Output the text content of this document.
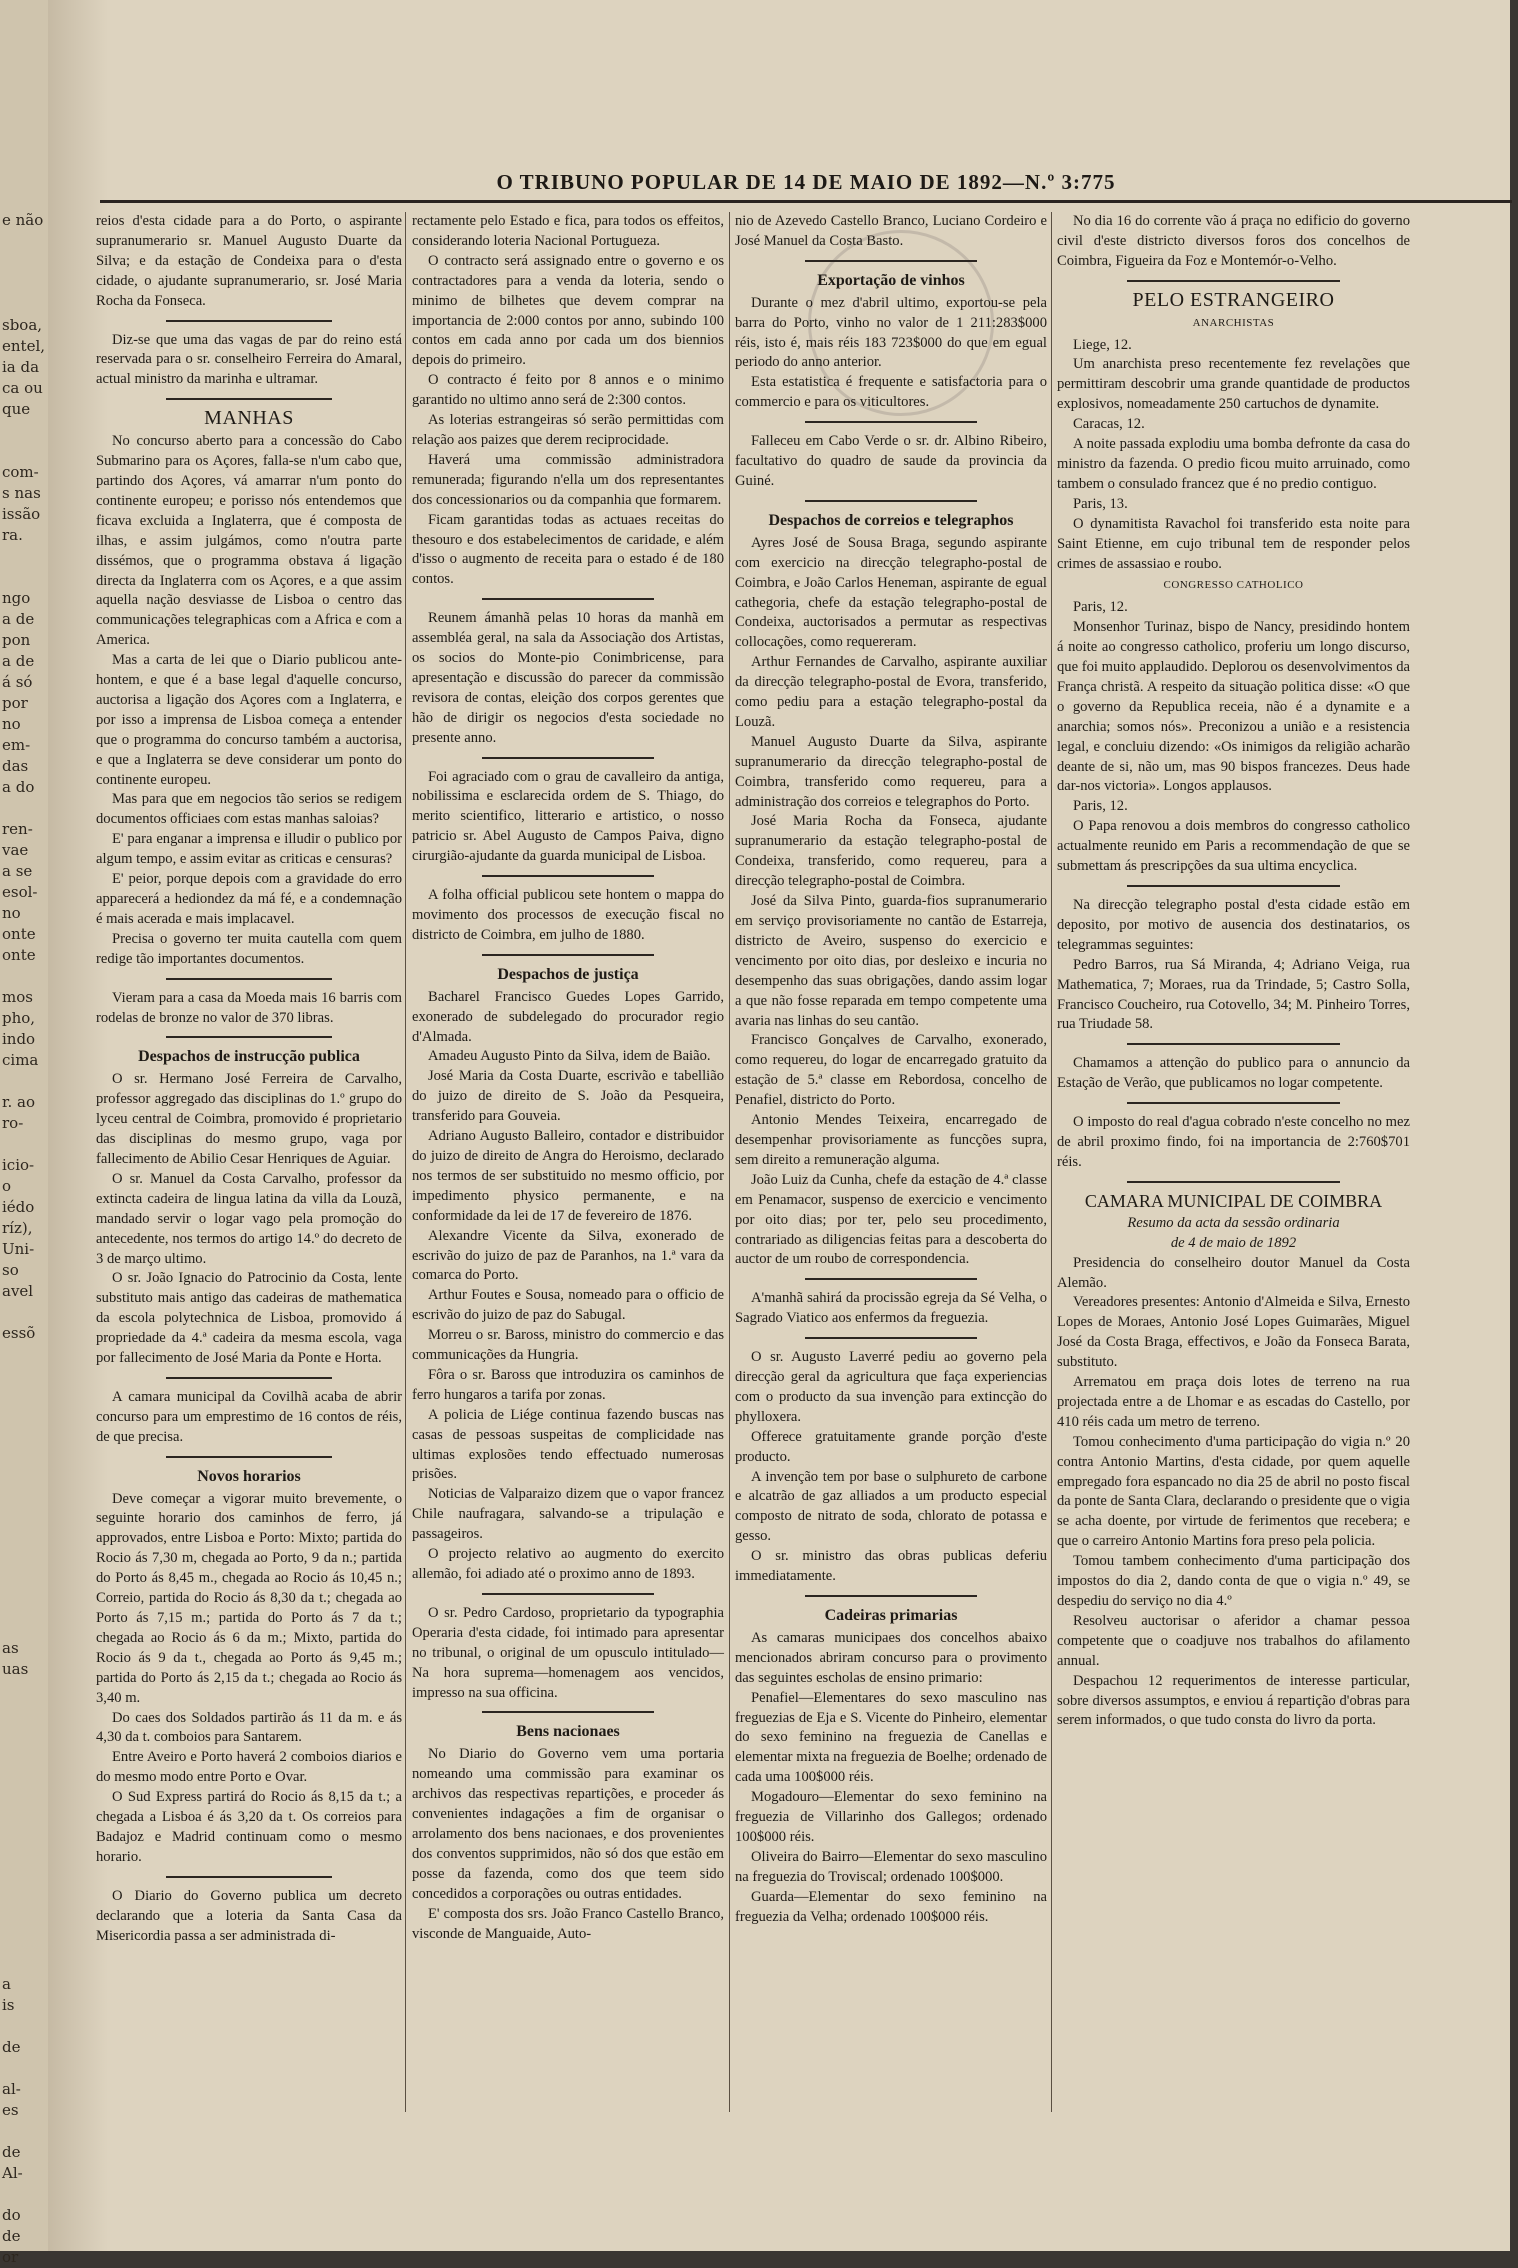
e não

sboa,
entel,
ia da
ca ou
que

com-
s nas
issão
ra.

ngo
a de
pon
a de
á só
por
no
em-
das
a do

ren-
vae
a se
esol-
no
onte
onte

mos
pho,
indo
cima

r. ao
ro-

icio-
o
iédo
ríz),
Uni-
so
avel

essõ

as
uas

a
is

de

al-
es

de
Al-

do
de
or
O TRIBUNO POPULAR DE 14 DE MAIO DE 1892—N.º 3:775

reios d'esta cidade para a do Porto, o aspirante supranumerario sr. Manuel Augusto Duarte da Silva; e da estação de Condeixa para o d'esta cidade, o ajudante supranumerario, sr. José Maria Rocha da Fonseca.

Diz-se que uma das vagas de par do reino está reservada para o sr. conselheiro Ferreira do Amaral, actual ministro da marinha e ultramar.

MANHAS

No concurso aberto para a concessão do Cabo Submarino para os Açores, falla-se n'um cabo que, partindo dos Açores, vá amarrar n'um ponto do continente europeu; e porisso nós entendemos que ficava excluida a Inglaterra, que é composta de ilhas, e assim julgámos, como n'outra parte dissémos, que o programma obstava á ligação directa da Inglaterra com os Açores, e a que assim aquella nação desviasse de Lisboa o centro das communicações telegraphicas com a Africa e com a America.

Mas a carta de lei que o Diario publicou ante-hontem, e que é a base legal d'aquelle concurso, auctorisa a ligação dos Açores com a Inglaterra, e por isso a imprensa de Lisboa começa a entender que o programma do concurso também a auctorisa, e que a Inglaterra se deve considerar um ponto do continente europeu.

Mas para que em negocios tão serios se redigem documentos officiaes com estas manhas saloias?

E' para enganar a imprensa e illudir o publico por algum tempo, e assim evitar as criticas e censuras?

E' peior, porque depois com a gravidade do erro apparecerá a hediondez da má fé, e a condemnação é mais acerada e mais implacavel.

Precisa o governo ter muita cautella com quem redige tão importantes documentos.

Vieram para a casa da Moeda mais 16 barris com rodelas de bronze no valor de 370 libras.

Despachos de instrucção publica

O sr. Hermano José Ferreira de Carvalho, professor aggregado das disciplinas do 1.º grupo do lyceu central de Coimbra, promovido é proprietario das disciplinas do mesmo grupo, vaga por fallecimento de Abilio Cesar Henriques de Aguiar.

O sr. Manuel da Costa Carvalho, professor da extincta cadeira de lingua latina da villa da Louzã, mandado servir o logar vago pela promoção do antecedente, nos termos do artigo 14.º do decreto de 3 de março ultimo.

O sr. João Ignacio do Patrocinio da Costa, lente substituto mais antigo das cadeiras de mathematica da escola polytechnica de Lisboa, promovido á propriedade da 4.ª cadeira da mesma escola, vaga por fallecimento de José Maria da Ponte e Horta.

A camara municipal da Covilhã acaba de abrir concurso para um emprestimo de 16 contos de réis, de que precisa.

Novos horarios

Deve começar a vigorar muito brevemente, o seguinte horario dos caminhos de ferro, já approvados, entre Lisboa e Porto: Mixto; partida do Rocio ás 7,30 m, chegada ao Porto, 9 da n.; partida do Porto ás 8,45 m., chegada ao Rocio ás 10,45 n.; Correio, partida do Rocio ás 8,30 da t.; chegada ao Porto ás 7,15 m.; partida do Porto ás 7 da t.; chegada ao Rocio ás 6 da m.; Mixto, partida do Rocio ás 9 da t., chegada ao Porto ás 9,45 m.; partida do Porto ás 2,15 da t.; chegada ao Rocio ás 3,40 m.

Do caes dos Soldados partirão ás 11 da m. e ás 4,30 da t. comboios para Santarem.

Entre Aveiro e Porto haverá 2 comboios diarios e do mesmo modo entre Porto e Ovar.

O Sud Express partirá do Rocio ás 8,15 da t.; a chegada a Lisboa é ás 3,20 da t. Os correios para Badajoz e Madrid continuam como o mesmo horario.

O Diario do Governo publica um decreto declarando que a loteria da Santa Casa da Misericordia passa a ser administrada di-

rectamente pelo Estado e fica, para todos os effeitos, considerando loteria Nacional Portugueza.

O contracto será assignado entre o governo e os contractadores para a venda da loteria, sendo o minimo de bilhetes que devem comprar na importancia de 2:000 contos por anno, subindo 100 contos em cada anno por cada um dos biennios depois do primeiro.

O contracto é feito por 8 annos e o minimo garantido no ultimo anno será de 2:300 contos.

As loterias estrangeiras só serão permittidas com relação aos paizes que derem reciprocidade.

Haverá uma commissão administradora remunerada; figurando n'ella um dos representantes dos concessionarios ou da companhia que formarem.

Ficam garantidas todas as actuaes receitas do thesouro e dos estabelecimentos de caridade, e além d'isso o augmento de receita para o estado é de 180 contos.

Reunem ámanhã pelas 10 horas da manhã em assembléa geral, na sala da Associação dos Artistas, os socios do Monte-pio Conimbricense, para apresentação e discussão do parecer da commissão revisora de contas, eleição dos corpos gerentes que hão de dirigir os negocios d'esta sociedade no presente anno.

Foi agraciado com o grau de cavalleiro da antiga, nobilissima e esclarecida ordem de S. Thiago, do merito scientifico, litterario e artistico, o nosso patricio sr. Abel Augusto de Campos Paiva, digno cirurgião-ajudante da guarda municipal de Lisboa.

A folha official publicou sete hontem o mappa do movimento dos processos de execução fiscal no districto de Coimbra, em julho de 1880.

Despachos de justiça

Bacharel Francisco Guedes Lopes Garrido, exonerado de subdelegado do procurador regio d'Almada.

Amadeu Augusto Pinto da Silva, idem de Baião.

José Maria da Costa Duarte, escrivão e tabellião do juizo de direito de S. João da Pesqueira, transferido para Gouveia.

Adriano Augusto Balleiro, contador e distribuidor do juizo de direito de Angra do Heroismo, declarado nos termos de ser substituido no mesmo officio, por impedimento physico permanente, e na conformidade da lei de 17 de fevereiro de 1876.

Alexandre Vicente da Silva, exonerado de escrivão do juizo de paz de Paranhos, na 1.ª vara da comarca do Porto.

Arthur Foutes e Sousa, nomeado para o officio de escrivão do juizo de paz do Sabugal.

Morreu o sr. Baross, ministro do commercio e das communicações da Hungria.

Fôra o sr. Baross que introduzira os caminhos de ferro hungaros a tarifa por zonas.

A policia de Liége continua fazendo buscas nas casas de pessoas suspeitas de complicidade nas ultimas explosões tendo effectuado numerosas prisões.

Noticias de Valparaizo dizem que o vapor francez Chile naufragara, salvando-se a tripulação e passageiros.

O projecto relativo ao augmento do exercito allemão, foi adiado até o proximo anno de 1893.

O sr. Pedro Cardoso, proprietario da typographia Operaria d'esta cidade, foi intimado para apresentar no tribunal, o original de um opusculo intitulado—Na hora suprema—homenagem aos vencidos, impresso na sua officina.

Bens nacionaes

No Diario do Governo vem uma portaria nomeando uma commissão para examinar os archivos das respectivas repartições, e proceder ás convenientes indagações a fim de organisar o arrolamento dos bens nacionaes, e dos provenientes dos conventos supprimidos, não só dos que estão em posse da fazenda, como dos que teem sido concedidos a corporações ou outras entidades.

E' composta dos srs. João Franco Castello Branco, visconde de Manguaide, Auto-

nio de Azevedo Castello Branco, Luciano Cordeiro e José Manuel da Costa Basto.

Exportação de vinhos

Durante o mez d'abril ultimo, exportou-se pela barra do Porto, vinho no valor de 1 211:283$000 réis, isto é, mais réis 183 723$000 do que em egual periodo do anno anterior.

Esta estatistica é frequente e satisfactoria para o commercio e para os viticultores.

Falleceu em Cabo Verde o sr. dr. Albino Ribeiro, facultativo do quadro de saude da provincia da Guiné.

Despachos de correios e telegraphos

Ayres José de Sousa Braga, segundo aspirante com exercicio na direcção telegrapho-postal de Coimbra, e João Carlos Heneman, aspirante de egual cathegoria, chefe da estação telegrapho-postal de Condeixa, auctorisados a permutar as respectivas collocações, como requereram.

Arthur Fernandes de Carvalho, aspirante auxiliar da direcção telegrapho-postal de Evora, transferido, como pediu para a estação telegrapho-postal da Louzã.

Manuel Augusto Duarte da Silva, aspirante supranumerario da direcção telegrapho-postal de Coimbra, transferido como requereu, para a administração dos correios e telegraphos do Porto.

José Maria Rocha da Fonseca, ajudante supranumerario da estação telegrapho-postal de Condeixa, transferido, como requereu, para a direcção telegrapho-postal de Coimbra.

José da Silva Pinto, guarda-fios supranumerario em serviço provisoriamente no cantão de Estarreja, districto de Aveiro, suspenso do exercicio e vencimento por oito dias, por desleixo e incuria no desempenho das suas obrigações, dando assim logar a que não fosse reparada em tempo competente uma avaria nas linhas do seu cantão.

Francisco Gonçalves de Carvalho, exonerado, como requereu, do logar de encarregado gratuito da estação de 5.ª classe em Rebordosa, concelho de Penafiel, districto do Porto.

Antonio Mendes Teixeira, encarregado de desempenhar provisoriamente as funcções supra, sem direito a remuneração alguma.

João Luiz da Cunha, chefe da estação de 4.ª classe em Penamacor, suspenso de exercicio e vencimento por oito dias; por ter, pelo seu procedimento, contrariado as diligencias feitas para a descoberta do auctor de um roubo de correspondencia.

A'manhã sahirá da procissão egreja da Sé Velha, o Sagrado Viatico aos enfermos da freguezia.

O sr. Augusto Laverré pediu ao governo pela direcção geral da agricultura que faça experiencias com o producto da sua invenção para extincção do phylloxera.

Offerece gratuitamente grande porção d'este producto.

A invenção tem por base o sulphureto de carbone e alcatrão de gaz alliados a um producto especial composto de nitrato de soda, chlorato de potassa e gesso.

O sr. ministro das obras publicas deferiu immediatamente.

Cadeiras primarias

As camaras municipaes dos concelhos abaixo mencionados abriram concurso para o provimento das seguintes escholas de ensino primario:

Penafiel—Elementares do sexo masculino nas freguezias de Eja e S. Vicente do Pinheiro, elementar do sexo feminino na freguezia de Canellas e elementar mixta na freguezia de Boelhe; ordenado de cada uma 100$000 réis.

Mogadouro—Elementar do sexo feminino na freguezia de Villarinho dos Gallegos; ordenado 100$000 réis.

Oliveira do Bairro—Elementar do sexo masculino na freguezia do Troviscal; ordenado 100$000.

Guarda—Elementar do sexo feminino na freguezia da Velha; ordenado 100$000 réis.

No dia 16 do corrente vão á praça no edificio do governo civil d'este districto diversos foros dos concelhos de Coimbra, Figueira da Foz e Montemór-o-Velho.

PELO ESTRANGEIRO
ANARCHISTAS

Liege, 12.

Um anarchista preso recentemente fez revelações que permittiram descobrir uma grande quantidade de productos explosivos, nomeadamente 250 cartuchos de dynamite.

Caracas, 12.

A noite passada explodiu uma bomba defronte da casa do ministro da fazenda. O predio ficou muito arruinado, como tambem o consulado francez que é no predio contiguo.

Paris, 13.

O dynamitista Ravachol foi transferido esta noite para Saint Etienne, em cujo tribunal tem de responder pelos crimes de assassiao e roubo.

CONGRESSO CATHOLICO

Paris, 12.

Monsenhor Turinaz, bispo de Nancy, presidindo hontem á noite ao congresso catholico, proferiu um longo discurso, que foi muito applaudido. Deplorou os desenvolvimentos da França christã. A respeito da situação politica disse: «O que o governo da Republica receia, não é a dynamite e a anarchia; somos nós». Preconizou a união e a resistencia legal, e concluiu dizendo: «Os inimigos da religião acharão deante de si, não um, mas 90 bispos francezes. Deus hade dar-nos victoria». Longos applausos.

Paris, 12.

O Papa renovou a dois membros do congresso catholico actualmente reunido em Paris a recommendação de que se submettam ás prescripções da sua ultima encyclica.

Na direcção telegrapho postal d'esta cidade estão em deposito, por motivo de ausencia dos destinatarios, os telegrammas seguintes:

Pedro Barros, rua Sá Miranda, 4; Adriano Veiga, rua Mathematica, 7; Moraes, rua da Trindade, 5; Castro Solla, Francisco Coucheiro, rua Cotovello, 34; M. Pinheiro Torres, rua Triudade 58.

Chamamos a attenção do publico para o annuncio da Estação de Verão, que publicamos no logar competente.

O imposto do real d'agua cobrado n'este concelho no mez de abril proximo findo, foi na importancia de 2:760$701 réis.

CAMARA MUNICIPAL DE COIMBRA
Resumo da acta da sessão ordinaria
de 4 de maio de 1892

Presidencia do conselheiro doutor Manuel da Costa Alemão.

Vereadores presentes: Antonio d'Almeida e Silva, Ernesto Lopes de Moraes, Antonio José Lopes Guimarães, Miguel José da Costa Braga, effectivos, e João da Fonseca Barata, substituto.

Arrematou em praça dois lotes de terreno na rua projectada entre a de Lhomar e as escadas do Castello, por 410 réis cada um metro de terreno.

Tomou conhecimento d'uma participação do vigia n.º 20 contra Antonio Martins, d'esta cidade, por quem aquelle empregado fora espancado no dia 25 de abril no posto fiscal da ponte de Santa Clara, declarando o presidente que o vigia se acha doente, por virtude de ferimentos que recebera; e que o carreiro Antonio Martins fora preso pela policia.

Tomou tambem conhecimento d'uma participação dos impostos do dia 2, dando conta de que o vigia n.º 49, se despediu do serviço no dia 4.º

Resolveu auctorisar o aferidor a chamar pessoa competente que o coadjuve nos trabalhos do afilamento annual.

Despachou 12 requerimentos de interesse particular, sobre diversos assumptos, e enviou á repartição d'obras para serem informados, o que tudo consta do livro da porta.
